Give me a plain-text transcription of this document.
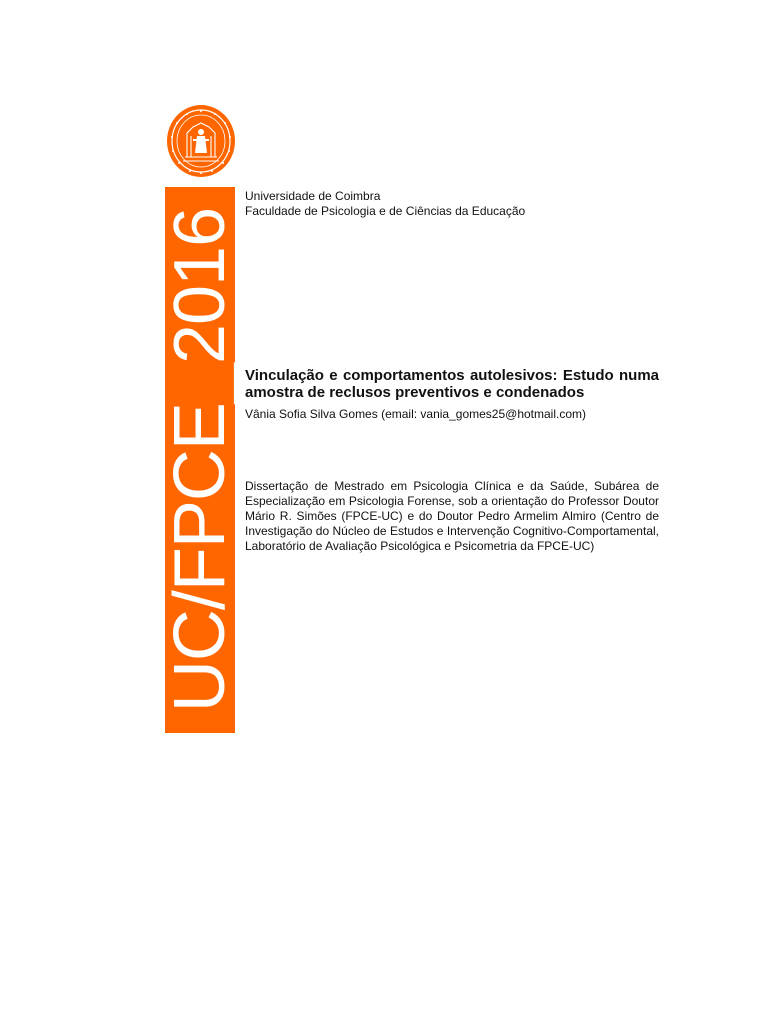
UC/FPCE_2016
Universidade de Coimbra
Faculdade de Psicologia e de Ciências da Educação
Vinculação e comportamentos autolesivos: Estudo numa amostra de reclusos preventivos e condenados
Vânia Sofia Silva Gomes (email: vania_gomes25@hotmail.com)
Dissertação de Mestrado em Psicologia Clínica e da Saúde, Subárea de Especialização em Psicologia Forense, sob a orientação do Professor Doutor Mário R. Simões (FPCE-UC) e do Doutor Pedro Armelim Almiro (Centro de Investigação do Núcleo de Estudos e Intervenção Cognitivo-Comportamental, Laboratório de Avaliação Psicológica e Psicometria da FPCE-UC)
